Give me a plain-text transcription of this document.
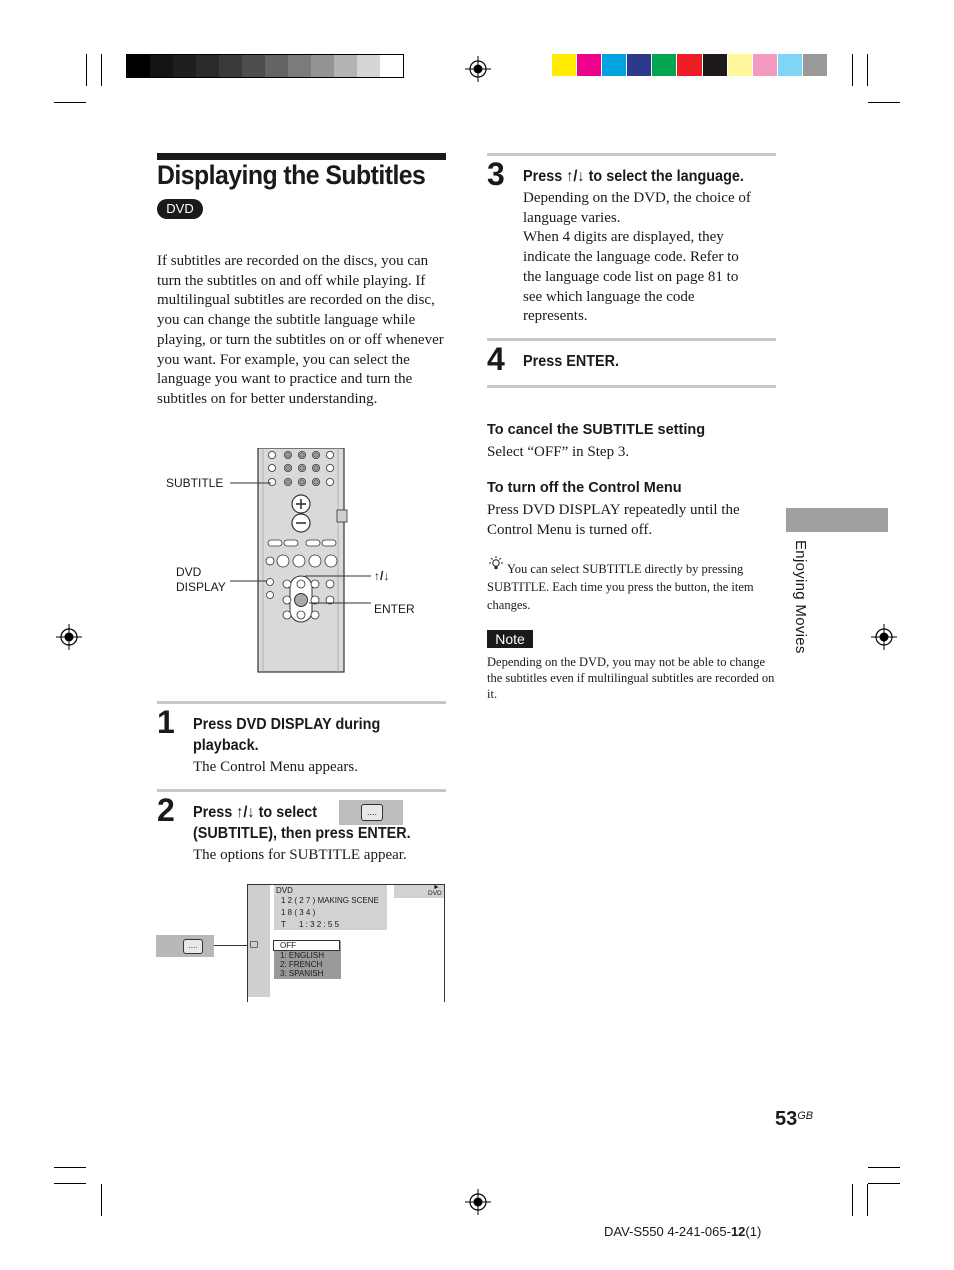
Displaying the Subtitles
DVD
If subtitles are recorded on the discs, you can turn the subtitles on and off while playing. If multilingual subtitles are recorded on the disc, you can change the subtitle language while playing, or turn the subtitles on or off whenever you want. For example, you can select the language you want to practice and turn the subtitles on for better understanding.
SUBTITLE
DVD
DISPLAY
↑/↓
ENTER
1 Press DVD DISPLAY during
playback.
The Control Menu appears.
2 Press ↑/↓ to select	....
(SUBTITLE), then press ENTER.
The options for SUBTITLE appear.
....
DVD
1 2 ( 2 7 ) MAKING SCENE
1 8 ( 3 4 )
T 1 : 3 2 : 5 5
►
DVD
OFF
1: ENGLISH
2: FRENCH
3: SPANISH
3 Press ↑/↓ to select the language.
Depending on the DVD, the choice of
language varies.
When 4 digits are displayed, they
indicate the language code. Refer to
the language code list on page 81 to
see which language the code
represents.
4 Press ENTER.
To cancel the SUBTITLE setting
Select “OFF” in Step 3.
To turn off the Control Menu
Press DVD DISPLAY repeatedly until the Control Menu is turned off.
You can select SUBTITLE directly by pressing SUBTITLE. Each time you press the button, the item changes.
Note
Depending on the DVD, you may not be able to change the subtitles even if multilingual subtitles are recorded on it.
Enjoying Movies
$53^{GB}$
DAV-S550 4-241-065-12(1)
